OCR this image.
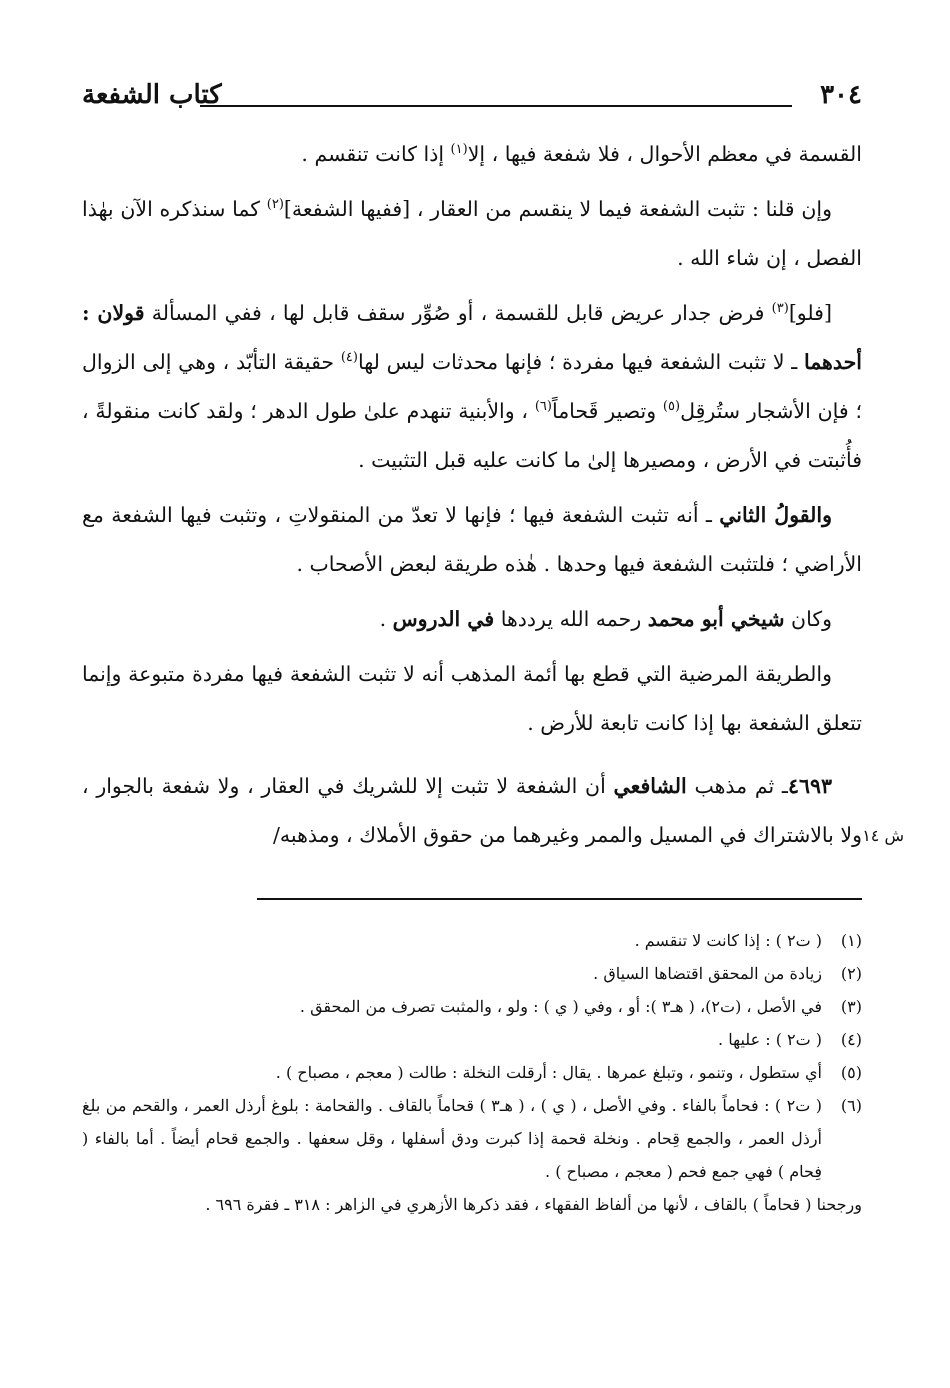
٣٠٤
كتاب الشفعة

القسمة في معظم الأحوال ، فلا شفعة فيها ، إلا$^{(١)}$ إذا كانت تنقسم .

وإن قلنا : تثبت الشفعة فيما لا ينقسم من العقار ، [ففيها الشفعة]$^{(٢)}$ كما سنذكره الآن بهٰذا الفصل ، إن شاء الله .

[فلو]$^{(٣)}$ فرض جدار عريض قابل للقسمة ، أو صُوِّر سقف قابل لها ، ففي المسألة قولان : أحدهما ـ لا تثبت الشفعة فيها مفردة ؛ فإنها محدثات ليس لها$^{(٤)}$ حقيقة التأبّد ، وهي إلى الزوال ؛ فإن الأشجار ستُرقِل$^{(٥)}$ وتصير قَحاماً$^{(٦)}$ ، والأبنية تنهدم علىٰ طول الدهر ؛ ولقد كانت منقولةً ، فأُثبتت في الأرض ، ومصيرها إلىٰ ما كانت عليه قبل التثبيت .

والقولُ الثاني ـ أنه تثبت الشفعة فيها ؛ فإنها لا تعدّ من المنقولاتِ ، وتثبت فيها الشفعة مع الأراضي ؛ فلتثبت الشفعة فيها وحدها . هٰذه طريقة لبعض الأصحاب .

وكان شيخي أبو محمد رحمه الله يرددها في الدروس .

والطريقة المرضية التي قطع بها أئمة المذهب أنه لا تثبت الشفعة فيها مفردة متبوعة وإنما تتعلق الشفعة بها إذا كانت تابعة للأرض .

٤٦٩٣ـ ثم مذهب الشافعي أن الشفعة لا تثبت إلا للشريك في العقار ، ولا شفعة بالجوار ، ولا بالاشتراك في المسيل والممر وغيرهما من حقوق الأملاك ، ومذهبه/ ش ١٤

(١)
( ت٢ ) : إذا كانت لا تنقسم .

(٢)
زيادة من المحقق اقتضاها السياق .

(٣)
في الأصل ، (ت٢)، ( هـ٣ ): أو ، وفي ( ي ) : ولو ، والمثبت تصرف من المحقق .

(٤)
( ت٢ ) : عليها .

(٥)
أي ستطول ، وتنمو ، وتبلغ عمرها . يقال : أرقلت النخلة : طالت ( معجم ، مصباح ) .

(٦)
( ت٢ ) : فحاماً بالفاء . وفي الأصل ، ( ي ) ، ( هـ٣ ) قحاماً بالقاف . والقحامة : بلوغ أرذل العمر ، والقحم من بلغ أرذل العمر ، والجمع قِحام . ونخلة قحمة إذا كبرت ودق أسفلها ، وقل سعفها . والجمع قحام أيضاً . أما بالفاء ( فِحام ) فهي جمع فحم ( معجم ، مصباح ) .

ورجحنا ( قحاماً ) بالقاف ، لأنها من ألفاظ الفقهاء ، فقد ذكرها الأزهري في الزاهر : ٣١٨ ـ فقرة ٦٩٦ .
